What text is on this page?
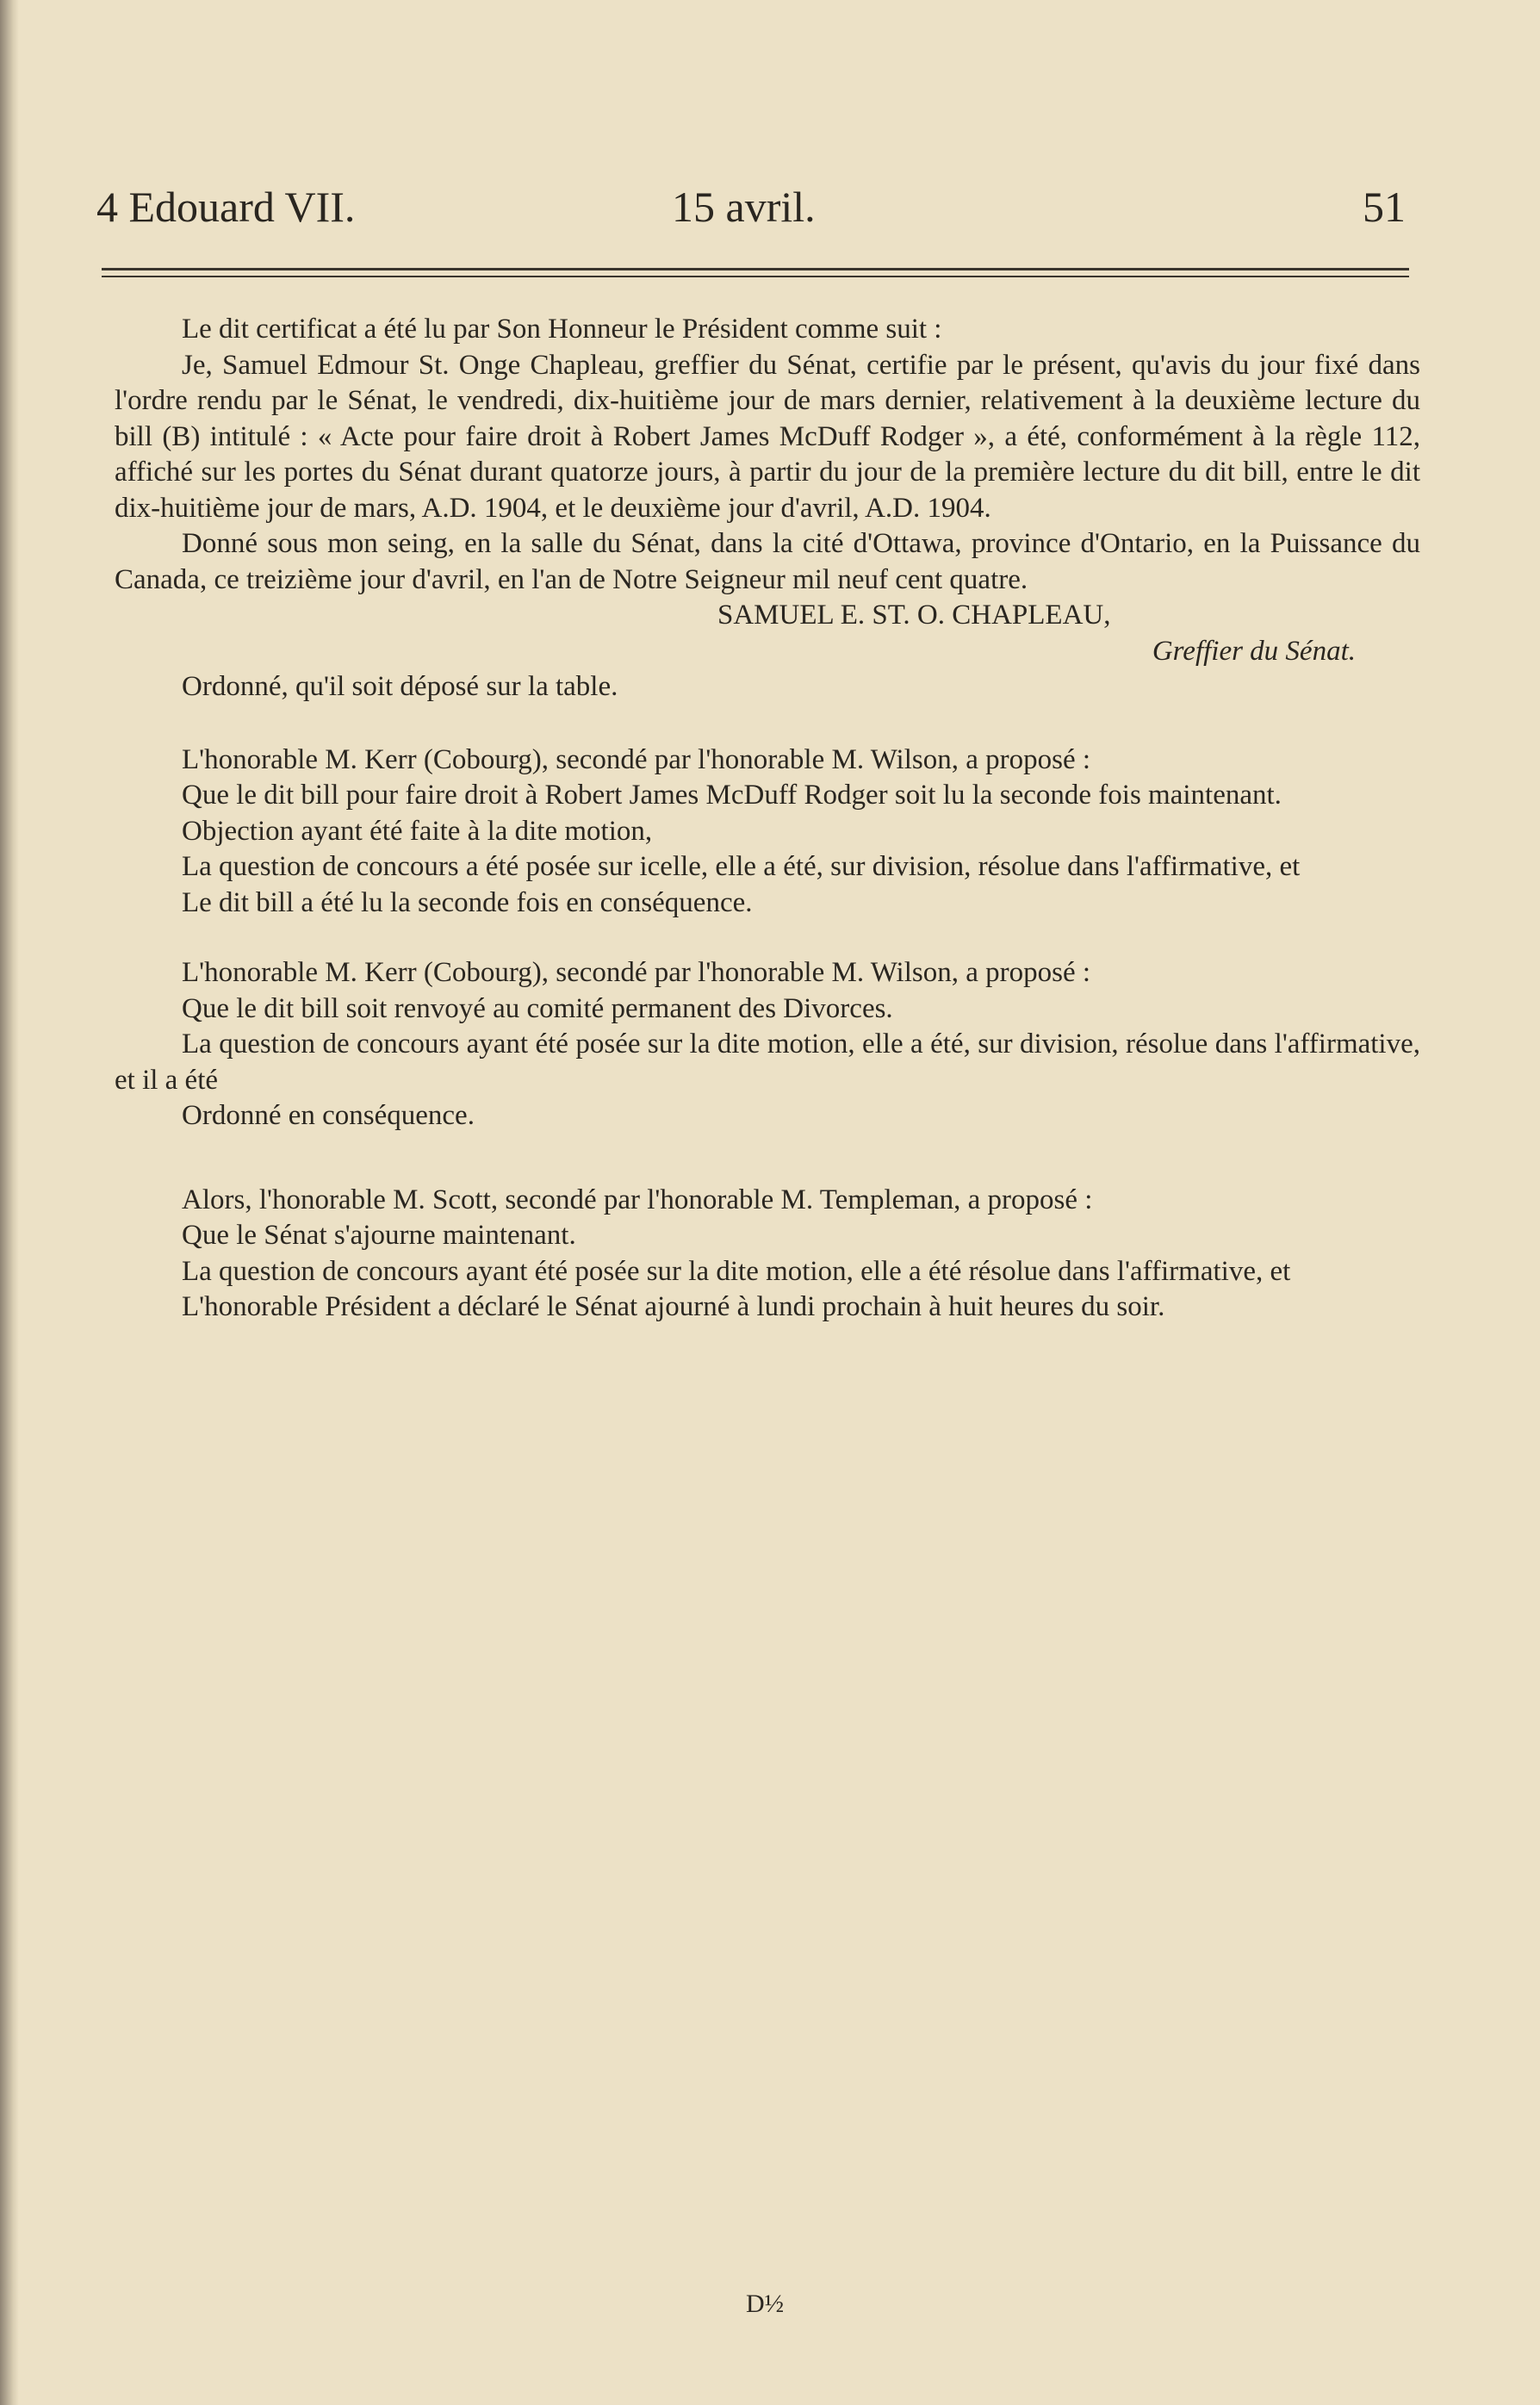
4 Edouard VII.	15 avril.	51

Le dit certificat a été lu par Son Honneur le Président comme suit :

Je, Samuel Edmour St. Onge Chapleau, greffier du Sénat, certifie par le présent, qu'avis du jour fixé dans l'ordre rendu par le Sénat, le vendredi, dix-huitième jour de mars dernier, relativement à la deuxième lecture du bill (B) intitulé : « Acte pour faire droit à Robert James McDuff Rodger », a été, conformément à la règle 112, affiché sur les portes du Sénat durant quatorze jours, à partir du jour de la première lecture du dit bill, entre le dit dix-huitième jour de mars, A.D. 1904, et le deuxième jour d'avril, A.D. 1904.

Donné sous mon seing, en la salle du Sénat, dans la cité d'Ottawa, province d'Ontario, en la Puissance du Canada, ce treizième jour d'avril, en l'an de Notre Seigneur mil neuf cent quatre.

SAMUEL E. ST. O. CHAPLEAU,

Greffier du Sénat.

Ordonné, qu'il soit déposé sur la table.

L'honorable M. Kerr (Cobourg), secondé par l'honorable M. Wilson, a proposé :

Que le dit bill pour faire droit à Robert James McDuff Rodger soit lu la seconde fois maintenant.

Objection ayant été faite à la dite motion,

La question de concours a été posée sur icelle, elle a été, sur division, résolue dans l'affirmative, et

Le dit bill a été lu la seconde fois en conséquence.

L'honorable M. Kerr (Cobourg), secondé par l'honorable M. Wilson, a proposé :

Que le dit bill soit renvoyé au comité permanent des Divorces.

La question de concours ayant été posée sur la dite motion, elle a été, sur division, résolue dans l'affirmative, et il a été

Ordonné en conséquence.

Alors, l'honorable M. Scott, secondé par l'honorable M. Templeman, a proposé :

Que le Sénat s'ajourne maintenant.

La question de concours ayant été posée sur la dite motion, elle a été résolue dans l'affirmative, et

L'honorable Président a déclaré le Sénat ajourné à lundi prochain à huit heures du soir.

D½
